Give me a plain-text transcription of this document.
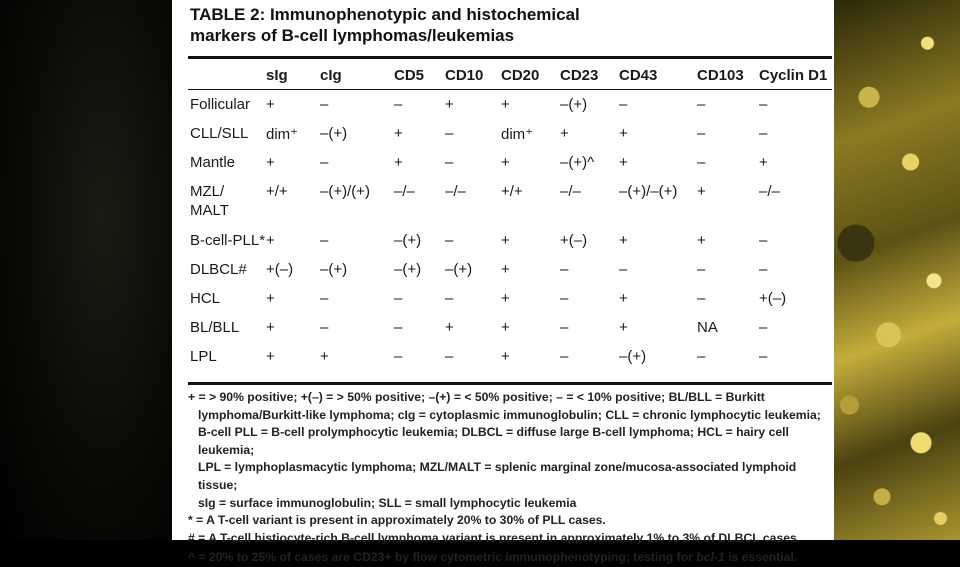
TABLE 2: Immunophenotypic and histochemical
markers of B-cell lymphomas/leukemias
	sIg	cIg	CD5	CD10	CD20	CD23	CD43	CD103	Cyclin D1
Follicular	+	–	–	+	+	–(+)	–	–	–
CLL/SLL	dim⁺	–(+)	+	–	dim⁺	+	+	–	–
Mantle	+	–	+	–	+	–(+)^	+	–	+
MZL/ MALT	+/+	–(+)/(+)	–/–	–/–	+/+	–/–	–(+)/–(+)	+	–/–
B-cell-PLL*	+	–	–(+)	–	+	+(–)	+	+	–
DLBCL#	+(–)	–(+)	–(+)	–(+)	+	–	–	–	–
HCL	+	–	–	–	+	–	+	–	+(–)
BL/BLL	+	–	–	+	+	–	+	NA	–
LPL	+	+	–	–	+	–	–(+)	–	–

+ = > 90% positive; +(–) = > 50% positive; –(+) = < 50% positive; – = < 10% positive; BL/BLL = Burkitt

lymphoma/Burkitt-like lymphoma; cIg = cytoplasmic immunoglobulin; CLL = chronic lymphocytic leukemia;

B-cell PLL = B-cell prolymphocytic leukemia; DLBCL = diffuse large B-cell lymphoma; HCL = hairy cell leukemia;

LPL = lymphoplasmacytic lymphoma; MZL/MALT = splenic marginal zone/mucosa-associated lymphoid tissue;

sIg = surface immunoglobulin; SLL = small lymphocytic leukemia

* = A T-cell variant is present in approximately 20% to 30% of PLL cases.

# = A T-cell histiocyte-rich B-cell lymphoma variant is present in approximately 1% to 3% of DLBCL cases.

^ = 20% to 25% of cases are CD23+ by flow cytometric immunophenotyping; testing for bcl-1 is essential.
